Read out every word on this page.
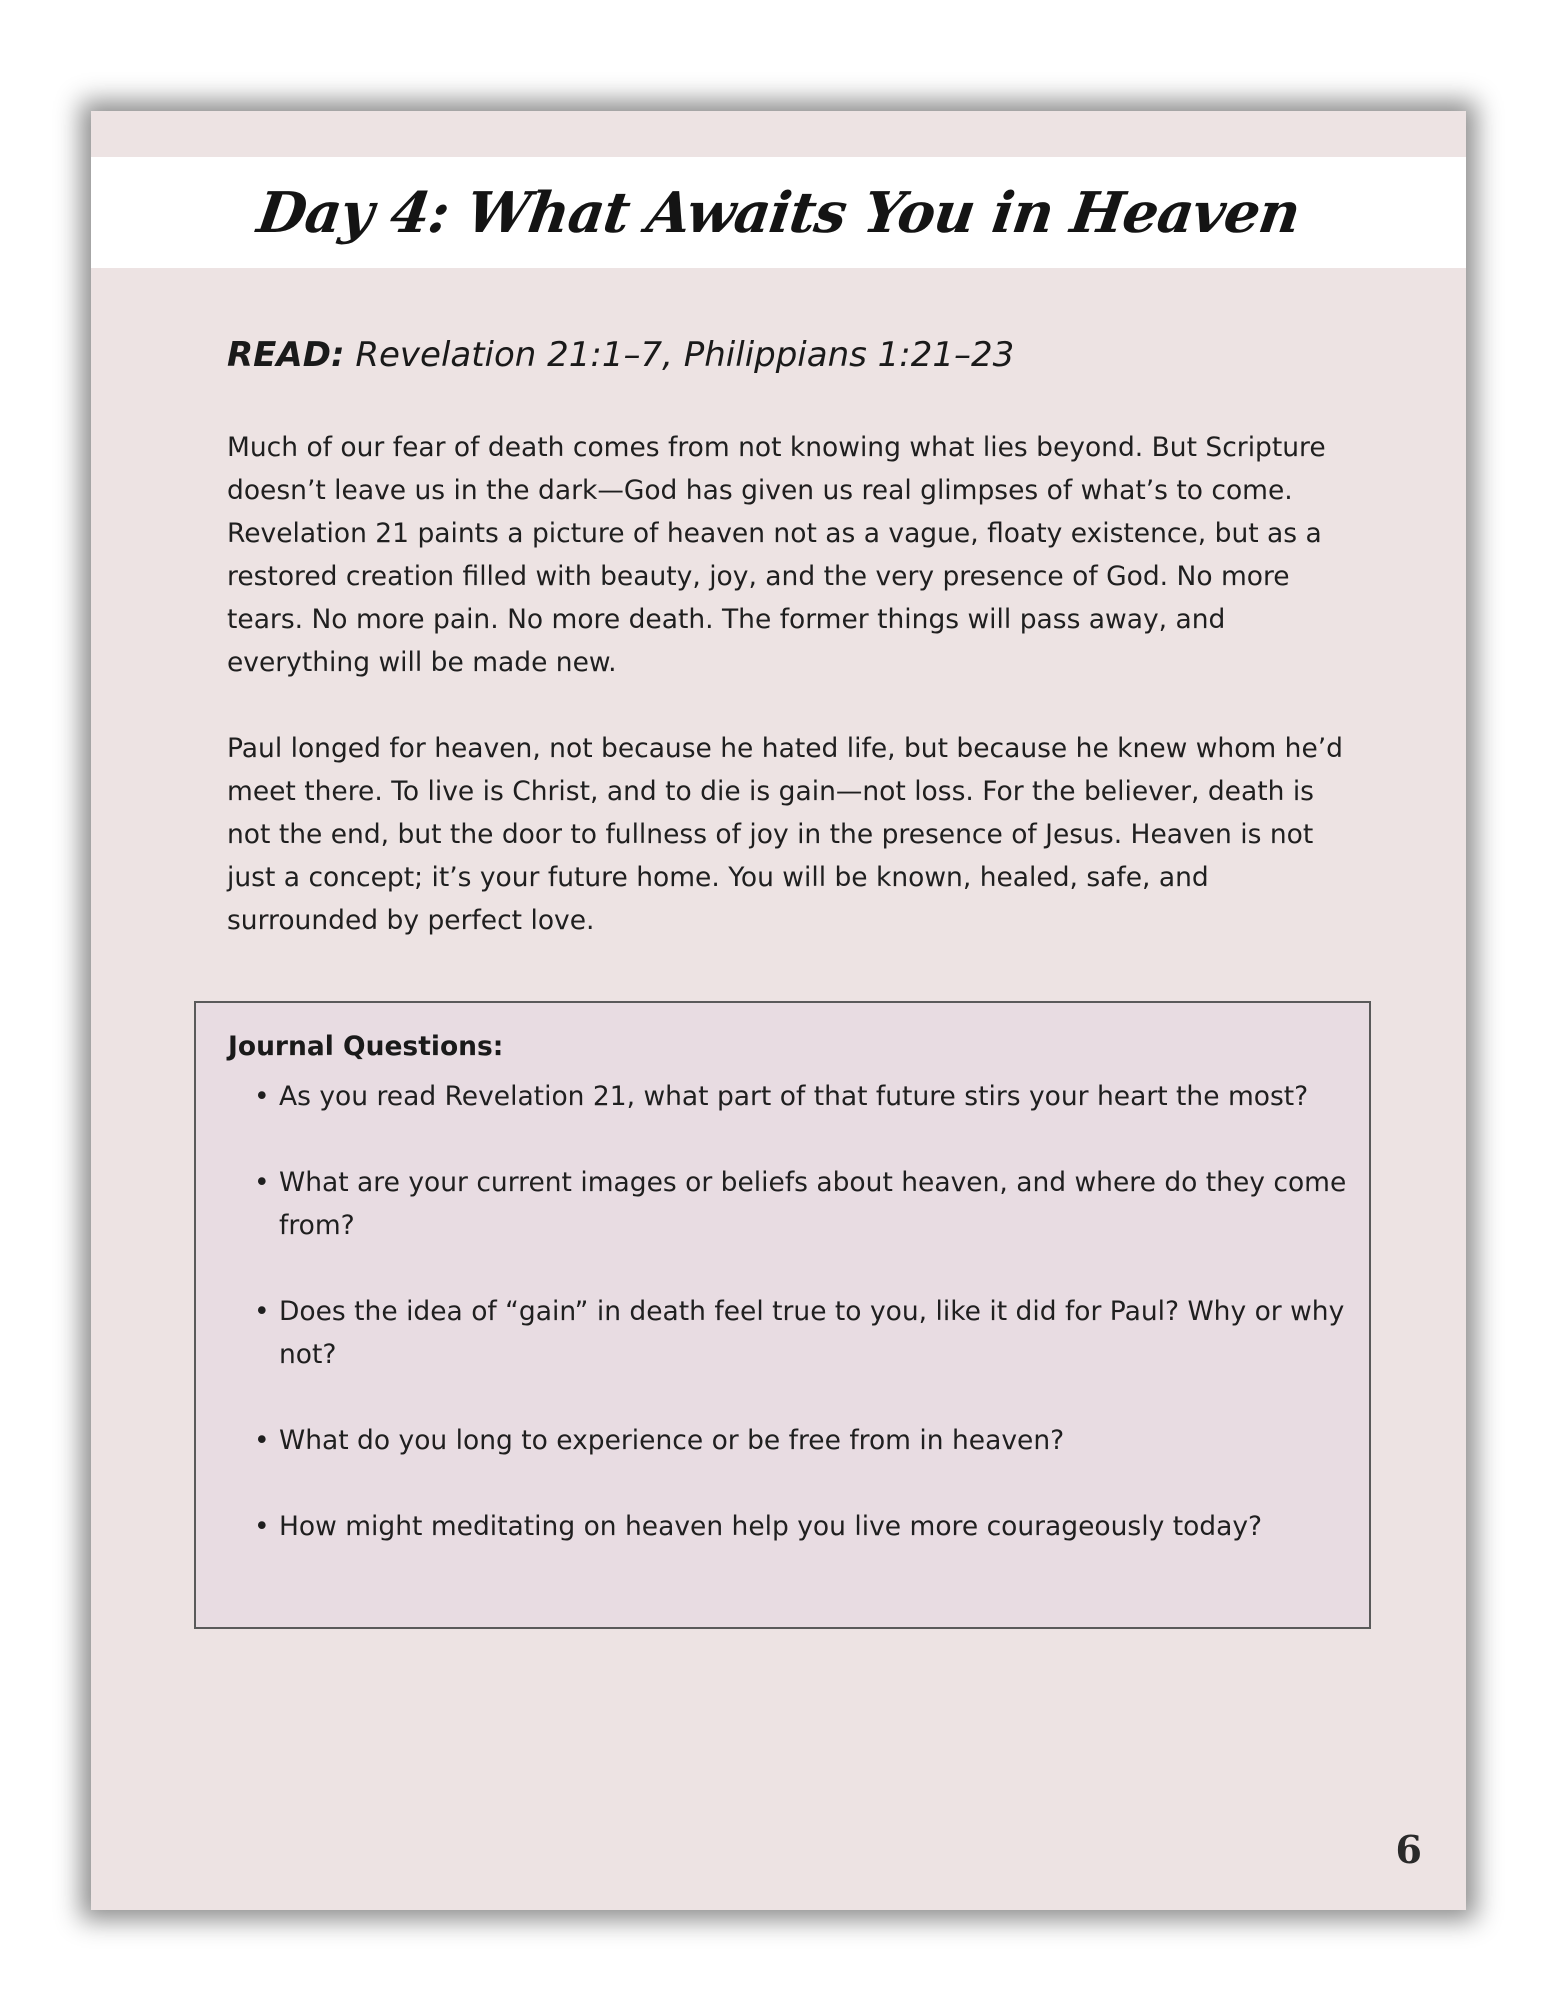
Day 4: What Awaits You in Heaven
READ: Revelation 21:1–7, Philippians 1:21–23

Much of our fear of death comes from not knowing what lies beyond. But Scripture doesn’t leave us in the dark—God has given us real glimpses of what’s to come. Revelation 21 paints a picture of heaven not as a vague, floaty existence, but as a restored creation filled with beauty, joy, and the very presence of God. No more tears. No more pain. No more death. The former things will pass away, and everything will be made new.

Paul longed for heaven, not because he hated life, but because he knew whom he’d meet there. To live is Christ, and to die is gain—not loss. For the believer, death is not the end, but the door to fullness of joy in the presence of Jesus. Heaven is not just a concept; it’s your future home. You will be known, healed, safe, and surrounded by perfect love.

Journal Questions:
• As you read Revelation 21, what part of that future stirs your heart the most?
• What are your current images or beliefs about heaven, and where do they come from?
• Does the idea of “gain” in death feel true to you, like it did for Paul? Why or why not?
• What do you long to experience or be free from in heaven?
• How might meditating on heaven help you live more courageously today?
6
